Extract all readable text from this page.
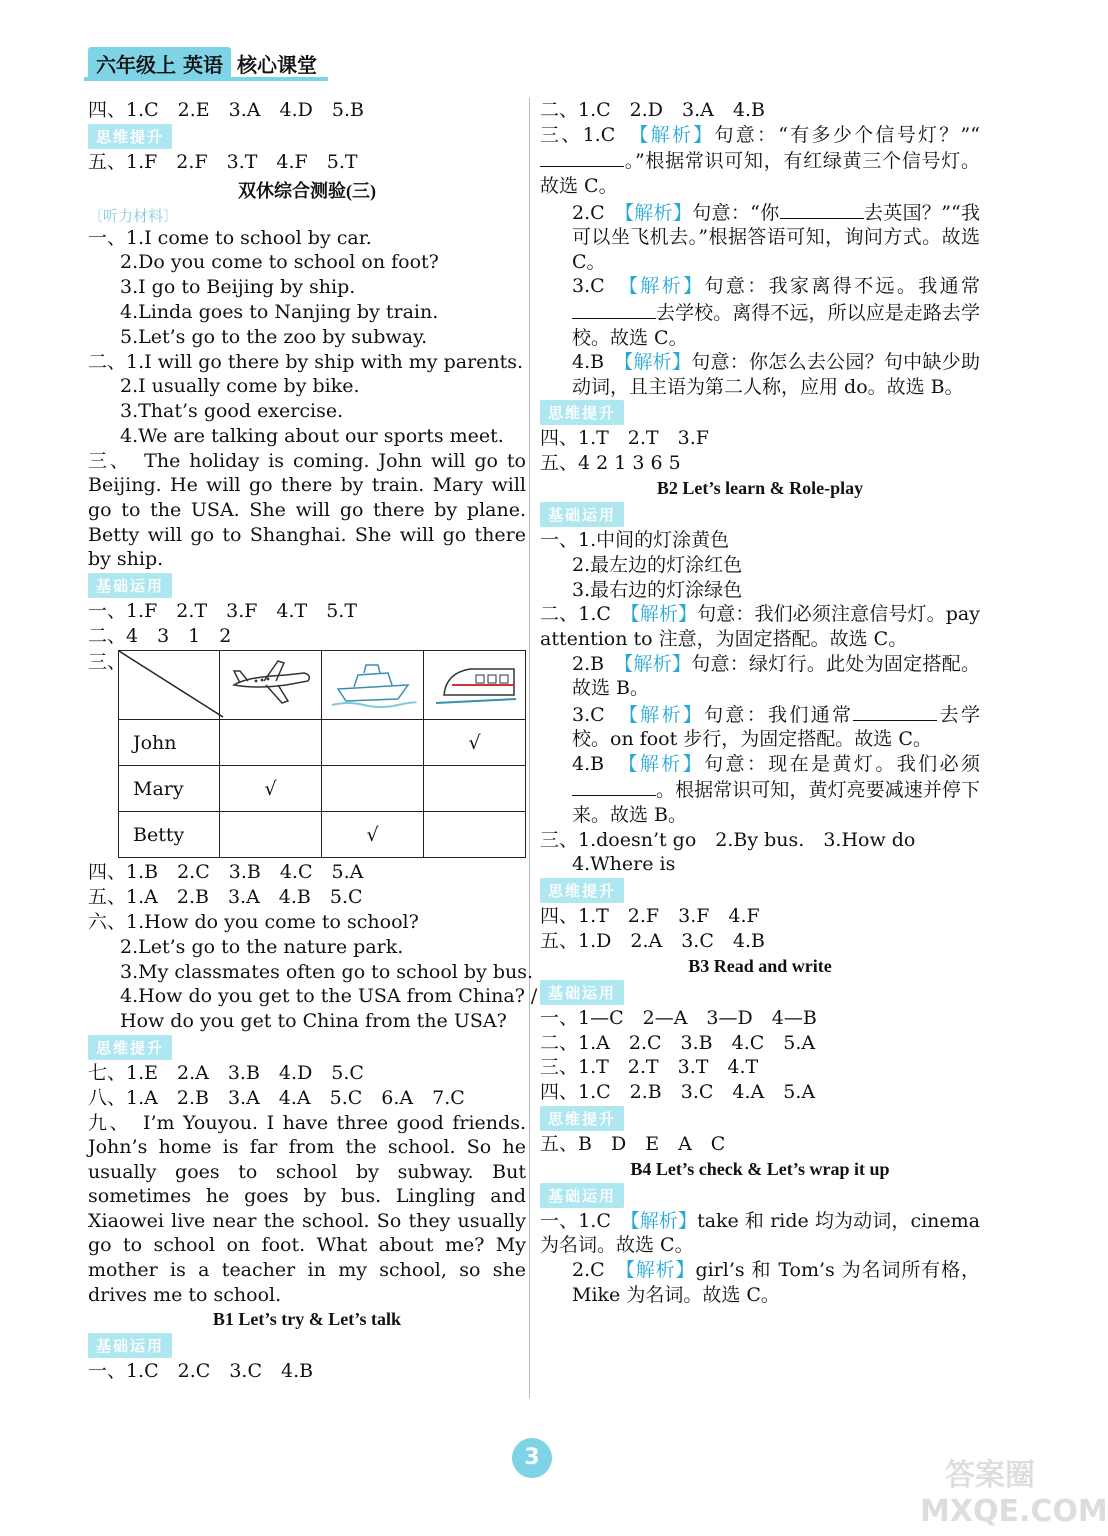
六年级上 英语 核心课堂
四、1.C　2.E　3.A　4.D　5.B
思维提升
五、1.F　2.F　3.T　4.F　5.T
双休综合测验(三)
〔听力材料〕
一、1.I come to school by car.
2.Do you come to school on foot?
3.I go to Beijing by ship.
4.Linda goes to Nanjing by train.
5.Let’s go to the zoo by subway.
二、1.I will go there by ship with my parents.
2.I usually come by bike.
3.That’s good exercise.
4.We are talking about our sports meet.
三、　The holiday is coming. John will go to Beijing. He will go there by train. Mary will go to the USA. She will go there by plane. Betty will go to Shanghai. She will go there by ship.
基础运用
一、1.F　2.T　3.F　4.T　5.T
二、4　3　1　2
三、

John			√
Mary	√		
Betty		√	
四、1.B　2.C　3.B　4.C　5.A
五、1.A　2.B　3.A　4.B　5.C
六、1.How do you come to school?
2.Let’s go to the nature park.
3.My classmates often go to school by bus.
4.How do you get to the USA from China? /
How do you get to China from the USA?
思维提升
七、1.E　2.A　3.B　4.D　5.C
八、1.A　2.B　3.A　4.A　5.C　6.A　7.C
九、　I’m Youyou. I have three good friends. John’s home is far from the school. So he usually goes to school by subway. But sometimes he goes by bus. Lingling and Xiaowei live near the school. So they usually go to school on foot. What about me? My mother is a teacher in my school, so she drives me to school.
B1 Let’s try & Let’s talk
基础运用
一、1.C　2.C　3.C　4.B
二、1.C　2.D　3.A　4.B
三、1.C　【解析】句意：“有多少个信号灯？”“。”根据常识可知，有红绿黄三个信号灯。故选 C。
2.C　【解析】句意：“你	去英国？”“我可以坐飞机去。”根据答语可知，询问方式。故选 C。
3.C　【解析】句意：我家离得不远。我通常去学校。离得不远，所以应是走路去学校。故选 C。
4.B　【解析】句意：你怎么去公园？句中缺少助动词，且主语为第二人称，应用 do。故选 B。
思维提升
四、1.T　2.T　3.F
五、4 2 1 3 6 5
B2 Let’s learn & Role-play
基础运用
一、1.中间的灯涂黄色
2.最左边的灯涂红色
3.最右边的灯涂绿色
二、1.C　【解析】句意：我们必须注意信号灯。pay attention to 注意，为固定搭配。故选 C。
2.B　【解析】句意：绿灯行。此处为固定搭配。故选 B。
3.C　【解析】句意：我们通常	去学校。on foot 步行，为固定搭配。故选 C。
4.B　【解析】句意：现在是黄灯。我们必须。根据常识可知，黄灯亮要减速并停下来。故选 B。
三、1.doesn’t go　2.By bus.　3.How do
4.Where is
思维提升
四、1.T　2.F　3.F　4.F
五、1.D　2.A　3.C　4.B
B3 Read and write
基础运用
一、1—C　2—A　3—D　4—B
二、1.A　2.C　3.B　4.C　5.A
三、1.T　2.T　3.T　4.T
四、1.C　2.B　3.C　4.A　5.A
思维提升
五、B　D　E　A　C
B4 Let’s check & Let’s wrap it up
基础运用
一、1.C　【解析】take 和 ride 均为动词，cinema 为名词。故选 C。
2.C　【解析】girl’s 和 Tom’s 为名词所有格，Mike 为名词。故选 C。
3
答案圈 MXQE.COM
